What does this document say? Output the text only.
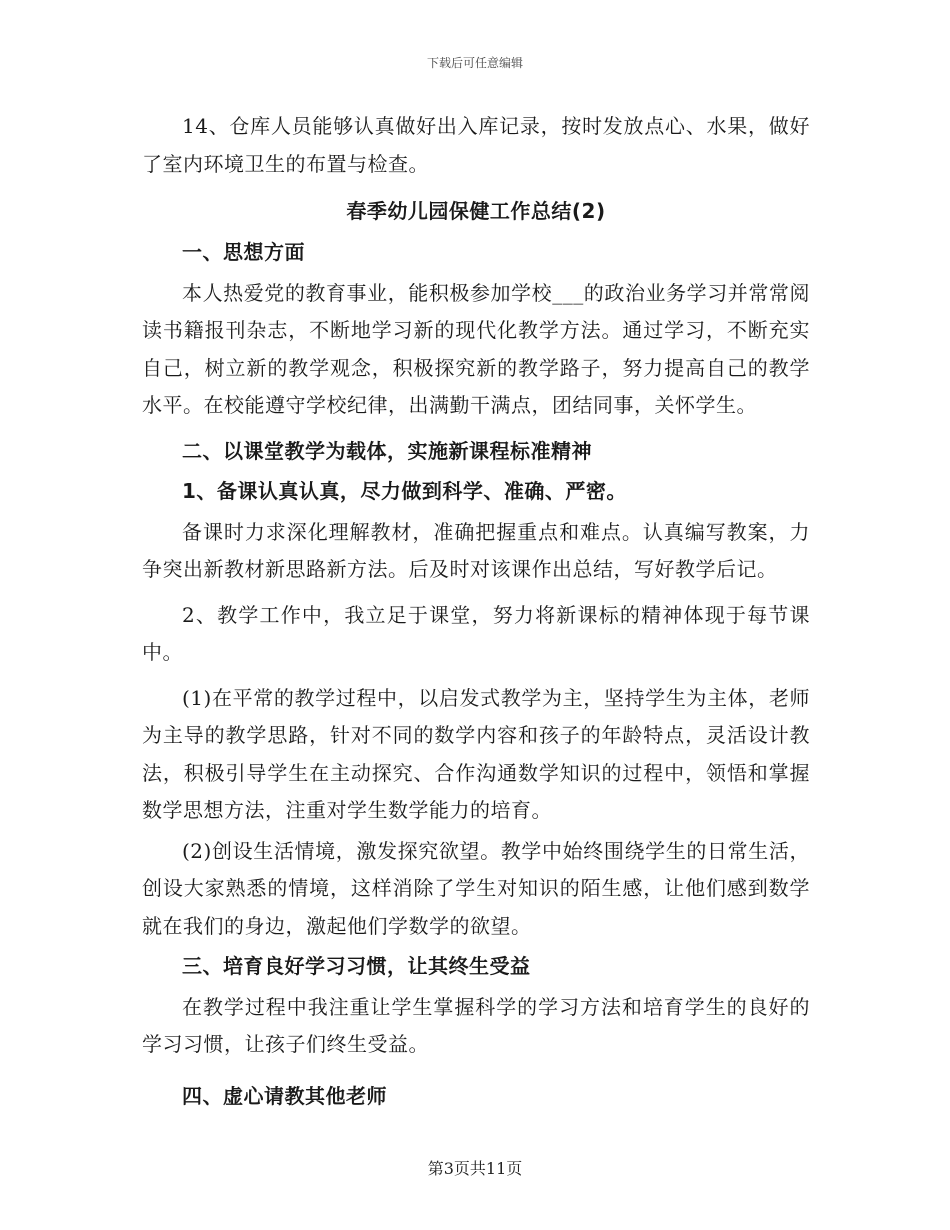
下载后可任意编辑

14、仓库人员能够认真做好出入库记录，按时发放点心、水果，做好了室内环境卫生的布置与检查。

春季幼儿园保健工作总结(2)

一、思想方面

本人热爱党的教育事业，能积极参加学校___的政治业务学习并常常阅读书籍报刊杂志，不断地学习新的现代化教学方法。通过学习，不断充实自己，树立新的教学观念，积极探究新的教学路子，努力提高自己的教学水平。在校能遵守学校纪律，出满勤干满点，团结同事，关怀学生。

二、以课堂教学为载体，实施新课程标准精神

1、备课认真认真，尽力做到科学、准确、严密。

备课时力求深化理解教材，准确把握重点和难点。认真编写教案，力争突出新教材新思路新方法。后及时对该课作出总结，写好教学后记。

2、教学工作中，我立足于课堂，努力将新课标的精神体现于每节课中。

(1)在平常的教学过程中，以启发式教学为主，坚持学生为主体，老师为主导的教学思路，针对不同的数学内容和孩子的年龄特点，灵活设计教法，积极引导学生在主动探究、合作沟通数学知识的过程中，领悟和掌握数学思想方法，注重对学生数学能力的培育。

(2)创设生活情境，激发探究欲望。教学中始终围绕学生的日常生活，创设大家熟悉的情境，这样消除了学生对知识的陌生感，让他们感到数学就在我们的身边，激起他们学数学的欲望。

三、培育良好学习习惯，让其终生受益

在教学过程中我注重让学生掌握科学的学习方法和培育学生的良好的学习习惯，让孩子们终生受益。

四、虚心请教其他老师

第3页共11页
